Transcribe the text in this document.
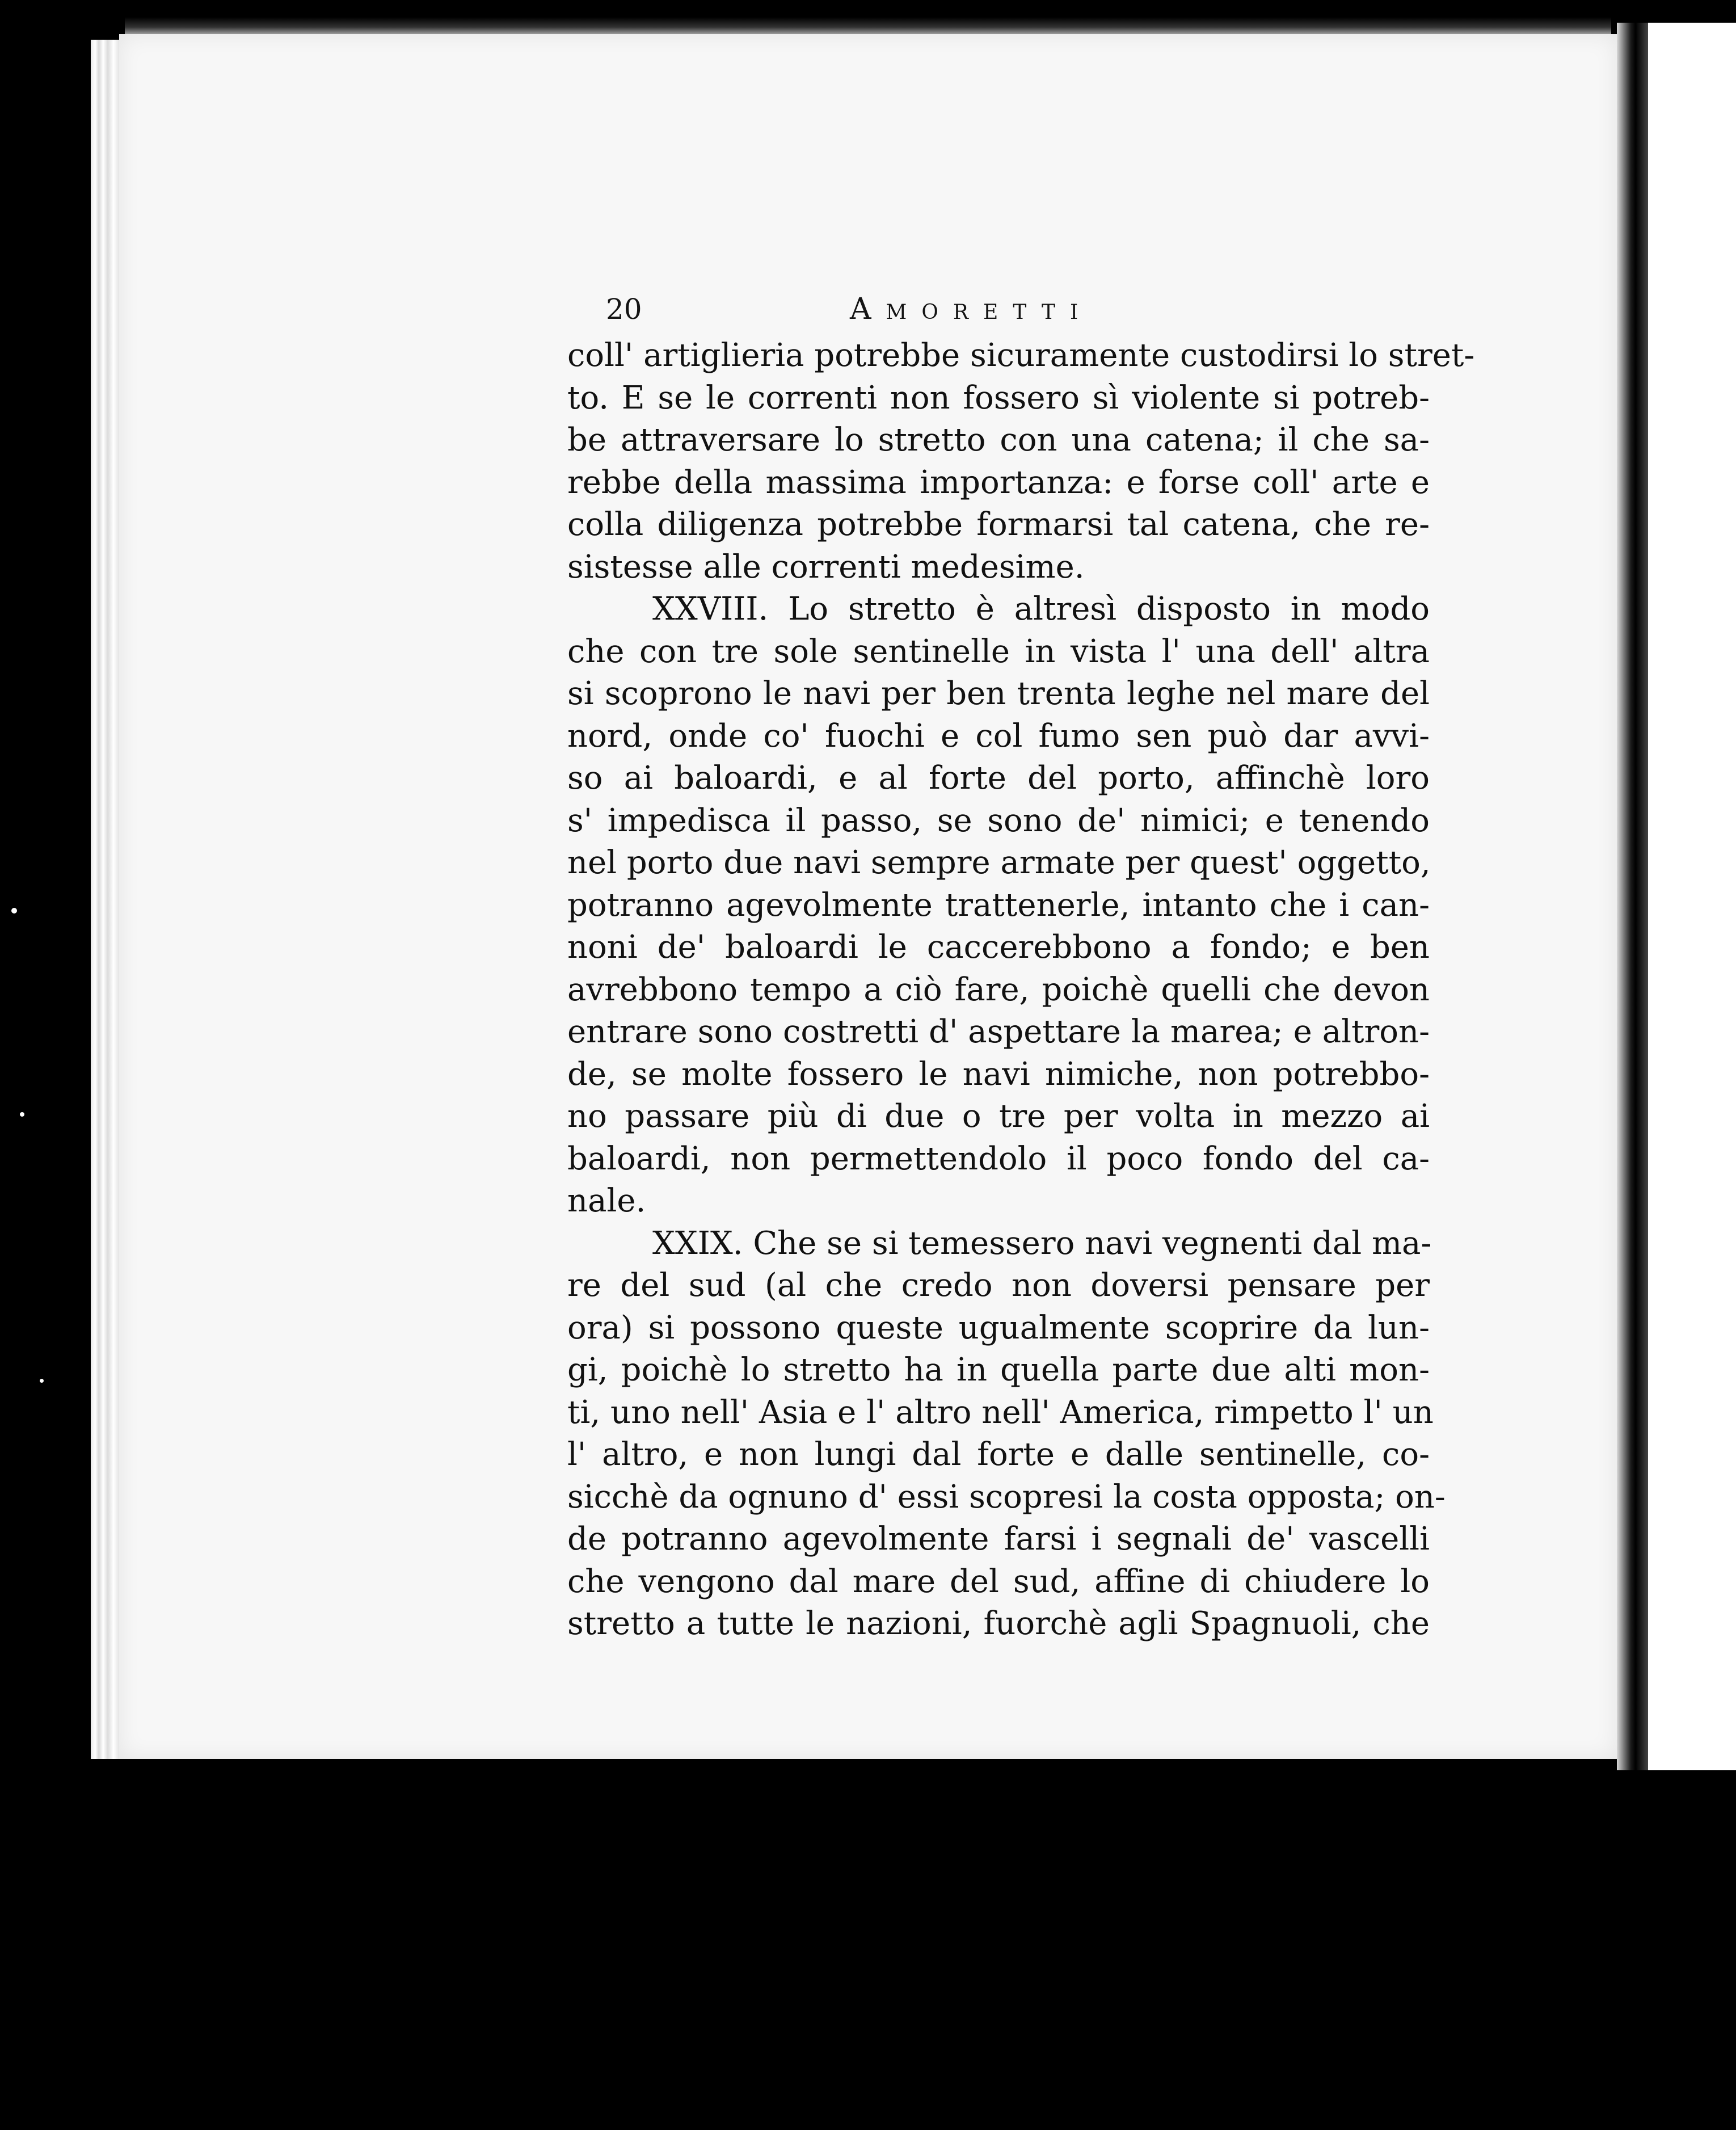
20	Amoretti
coll' artiglieria potrebbe sicuramente custodirsi lo stret-
to. E se le correnti non fossero sì violente si potreb-
be attraversare lo stretto con una catena; il che sa-
rebbe della massima importanza: e forse coll' arte e
colla diligenza potrebbe formarsi tal catena, che re-
sistesse alle correnti medesime.
XXVIII. Lo stretto è altresì disposto in modo
che con tre sole sentinelle in vista l' una dell' altra
si scoprono le navi per ben trenta leghe nel mare del
nord, onde co' fuochi e col fumo sen può dar avvi-
so ai baloardi, e al forte del porto, affinchè loro
s' impedisca il passo, se sono de' nimici; e tenendo
nel porto due navi sempre armate per quest' oggetto,
potranno agevolmente trattenerle, intanto che i can-
noni de' baloardi le caccerebbono a fondo; e ben
avrebbono tempo a ciò fare, poichè quelli che devon
entrare sono costretti d' aspettare la marea; e altron-
de, se molte fossero le navi nimiche, non potrebbo-
no passare più di due o tre per volta in mezzo ai
baloardi, non permettendolo il poco fondo del ca-
nale.
XXIX. Che se si temessero navi vegnenti dal ma-
re del sud (al che credo non doversi pensare per
ora) si possono queste ugualmente scoprire da lun-
gi, poichè lo stretto ha in quella parte due alti mon-
ti, uno nell' Asia e l' altro nell' America, rimpetto l' un
l' altro, e non lungi dal forte e dalle sentinelle, co-
sicchè da ognuno d' essi scopresi la costa opposta; on-
de potranno agevolmente farsi i segnali de' vascelli
che vengono dal mare del sud, affine di chiudere lo
stretto a tutte le nazioni, fuorchè agli Spagnuoli, che
